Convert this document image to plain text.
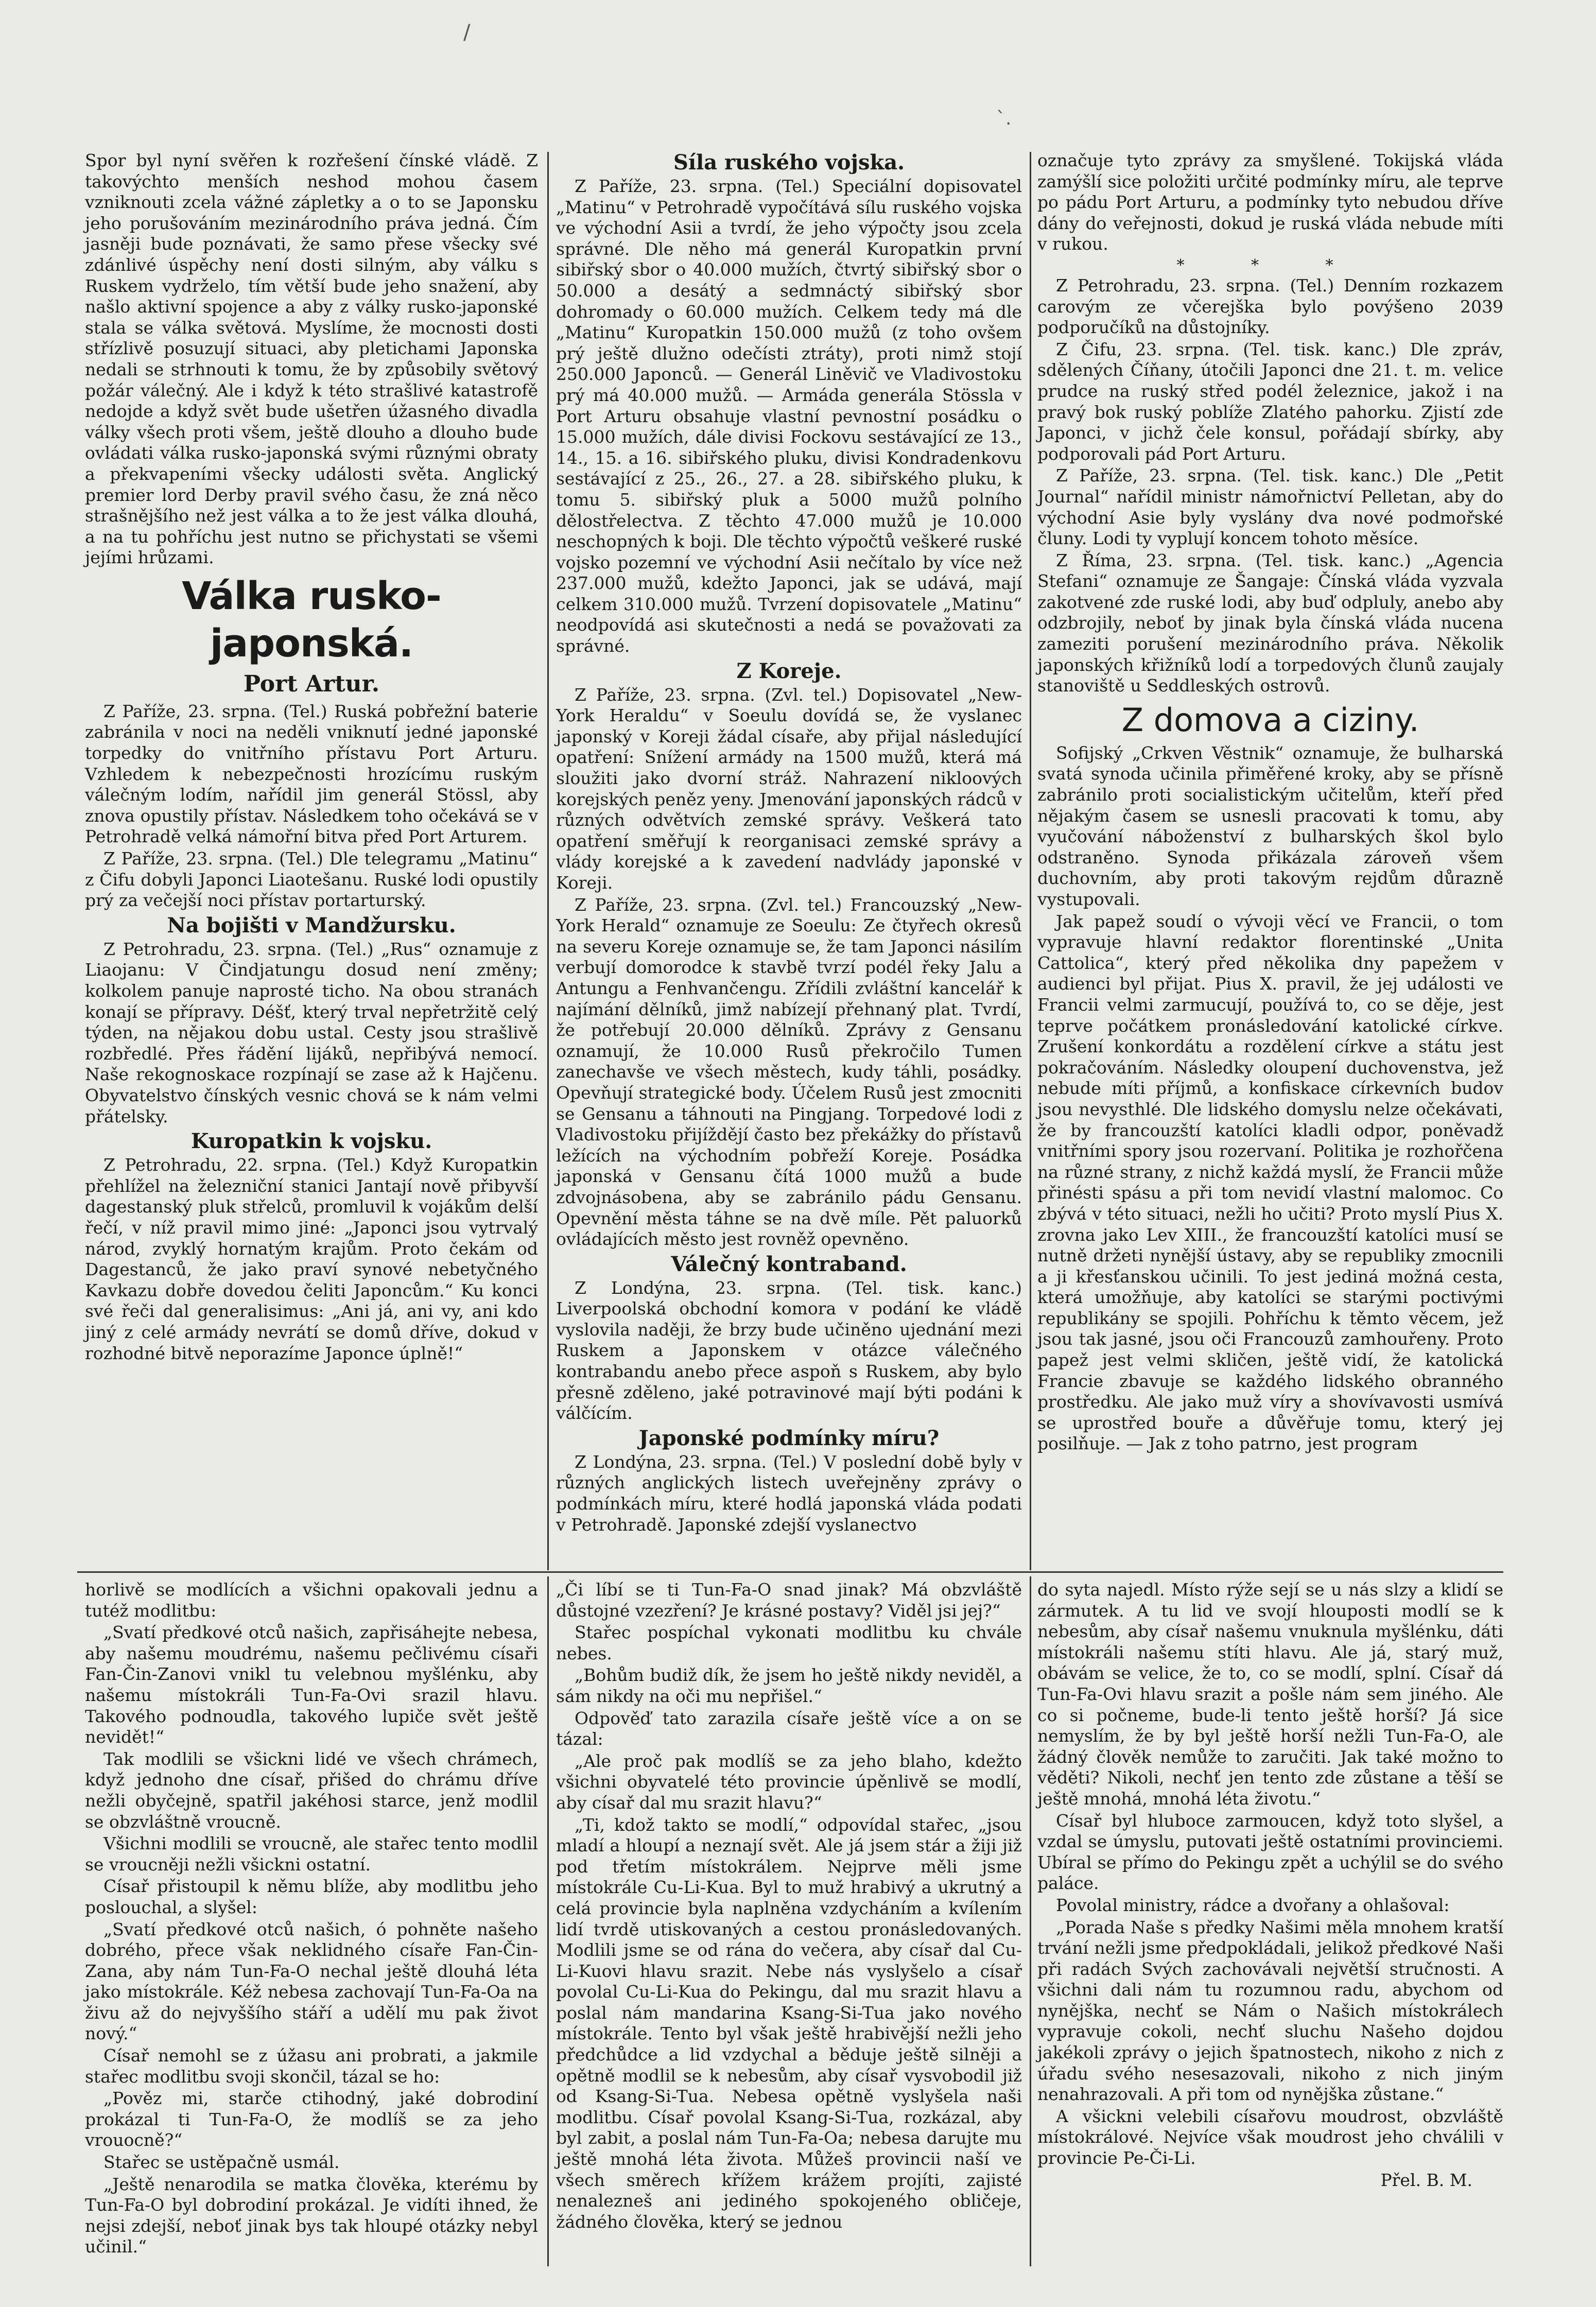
/
`.

Spor byl nyní svěřen k rozřešení čínské vládě. Z takovýchto menších neshod mohou časem vzniknouti zcela vážné zápletky a o to se Japonsku jeho porušováním mezinárodního práva jedná. Čím jasněji bude poznávati, že samo přese všecky své zdánlivé úspěchy není dosti silným, aby válku s Ruskem vydrželo, tím větší bude jeho snažení, aby našlo aktivní spojence a aby z války rusko-japonské stala se válka světová. Myslíme, že mocnosti dosti střízlivě posuzují situaci, aby pletichami Japonska nedali se strhnouti k tomu, že by způsobily světový požár válečný. Ale i když k této strašlivé katastrofě nedojde a když svět bude ušetřen úžasného divadla války všech proti všem, ještě dlouho a dlouho bude ovládati válka rusko-japonská svými různými obraty a překvapeními všecky události světa. Anglický premier lord Derby pravil svého času, že zná něco strašnějšího než jest válka a to že jest válka dlouhá, a na tu pohříchu jest nutno se přichystati se všemi jejími hrůzami.

Válka rusko-japonská.
Port Artur.

Z Paříže, 23. srpna. (Tel.) Ruská pobřežní baterie zabránila v noci na neděli vniknutí jedné japonské torpedky do vnitřního přístavu Port Arturu. Vzhledem k nebezpečnosti hrozícímu ruským válečným lodím, nařídil jim generál Stössl, aby znova opustily přístav. Následkem toho očekává se v Petrohradě velká námořní bitva před Port Arturem.

Z Paříže, 23. srpna. (Tel.) Dle telegramu „Matinu“ z Čifu dobyli Japonci Liaotešanu. Ruské lodi opustily prý za večejší noci přístav portarturský.

Na bojišti v Mandžursku.

Z Petrohradu, 23. srpna. (Tel.) „Rus“ oznamuje z Liaojanu: V Čindjatungu dosud není změny; kolkolem panuje naprosté ticho. Na obou stranách konají se přípravy. Déšť, který trval nepřetržitě celý týden, na nějakou dobu ustal. Cesty jsou strašlivě rozbředlé. Přes řádění lijáků, nepřibývá nemocí. Naše rekognoskace rozpínají se zase až k Hajčenu. Obyvatelstvo čínských vesnic chová se k nám velmi přátelsky.

Kuropatkin k vojsku.

Z Petrohradu, 22. srpna. (Tel.) Když Kuropatkin přehlížel na železniční stanici Jantají nově přibyvší dagestanský pluk střelců, promluvil k vojákům delší řečí, v níž pravil mimo jiné: „Japonci jsou vytrvalý národ, zvyklý hornatým krajům. Proto čekám od Dagestanců, že jako praví synové nebetyčného Kavkazu dobře dovedou čeliti Japoncům.“ Ku konci své řeči dal generalisimus: „Ani já, ani vy, ani kdo jiný z celé armády nevrátí se domů dříve, dokud v rozhodné bitvě neporazíme Japonce úplně!“

Síla ruského vojska.

Z Paříže, 23. srpna. (Tel.) Speciální dopisovatel „Matinu“ v Petrohradě vypočítává sílu ruského vojska ve východní Asii a tvrdí, že jeho výpočty jsou zcela správné. Dle něho má generál Kuropatkin první sibiřský sbor o 40.000 mužích, čtvrtý sibiřský sbor o 50.000 a desátý a sedmnáctý sibiřský sbor dohromady o 60.000 mužích. Celkem tedy má dle „Matinu“ Kuropatkin 150.000 mužů (z toho ovšem prý ještě dlužno odečísti ztráty), proti nimž stojí 250.000 Japonců. — Generál Liněvič ve Vladivostoku prý má 40.000 mužů. — Armáda generála Stössla v Port Arturu obsahuje vlastní pevnostní posádku o 15.000 mužích, dále divisi Fockovu sestávající ze 13., 14., 15. a 16. sibiřského pluku, divisi Kondradenkovu sestávající z 25., 26., 27. a 28. sibiřského pluku, k tomu 5. sibiřský pluk a 5000 mužů polního dělostřelectva. Z těchto 47.000 mužů je 10.000 neschopných k boji. Dle těchto výpočtů veškeré ruské vojsko pozemní ve východní Asii nečítalo by více než 237.000 mužů, kdežto Japonci, jak se udává, mají celkem 310.000 mužů. Tvrzení dopisovatele „Matinu“ neodpovídá asi skutečnosti a nedá se považovati za správné.

Z Koreje.

Z Paříže, 23. srpna. (Zvl. tel.) Dopisovatel „New-York Heraldu“ v Soeulu dovídá se, že vyslanec japonský v Koreji žádal císaře, aby přijal následující opatření: Snížení armády na 1500 mužů, která má sloužiti jako dvorní stráž. Nahrazení nikloových korejských peněz yeny. Jmenování japonských rádců v různých odvětvích zemské správy. Veškerá tato opatření směřují k reorganisaci zemské správy a vlády korejské a k zavedení nadvlády japonské v Koreji.

Z Paříže, 23. srpna. (Zvl. tel.) Francouzský „New-York Herald“ oznamuje ze Soeulu: Ze čtyřech okresů na severu Koreje oznamuje se, že tam Japonci násilím verbují domorodce k stavbě tvrzí podél řeky Jalu a Antungu a Fenhvančengu. Zřídili zvláštní kancelář k najímání dělníků, jimž nabízejí přehnaný plat. Tvrdí, že potřebují 20.000 dělníků. Zprávy z Gensanu oznamují, že 10.000 Rusů překročilo Tumen zanechavše ve všech městech, kudy táhli, posádky. Opevňují strategické body. Účelem Rusů jest zmocniti se Gensanu a táhnouti na Pingjang. Torpedové lodi z Vladivostoku přijíždějí často bez překážky do přístavů ležících na východním pobřeží Koreje. Posádka japonská v Gensanu čítá 1000 mužů a bude zdvojnásobena, aby se zabránilo pádu Gensanu. Opevnění města táhne se na dvě míle. Pět paluorků ovládajících město jest rovněž opevněno.

Válečný kontraband.

Z Londýna, 23. srpna. (Tel. tisk. kanc.) Liverpoolská obchodní komora v podání ke vládě vyslovila naději, že brzy bude učiněno ujednání mezi Ruskem a Japonskem v otázce válečného kontrabandu anebo přece aspoň s Ruskem, aby bylo přesně zděleno, jaké potravinové mají býti podáni k válčícím.

Japonské podmínky míru?

Z Londýna, 23. srpna. (Tel.) V poslední době byly v různých anglických listech uveřejněny zprávy o podmínkách míru, které hodlá japonská vláda podati v Petrohradě. Japonské zdejší vyslanectvo

označuje tyto zprávy za smyšlené. Tokijská vláda zamýšlí sice položiti určité podmínky míru, ale teprve po pádu Port Arturu, a podmínky tyto nebudou dříve dány do veřejnosti, dokud je ruská vláda nebude míti v rukou.

* * *

Z Petrohradu, 23. srpna. (Tel.) Denním rozkazem carovým ze včerejška bylo povýšeno 2039 podporučíků na důstojníky.

Z Čifu, 23. srpna. (Tel. tisk. kanc.) Dle zpráv, sdělených Číňany, útočili Japonci dne 21. t. m. velice prudce na ruský střed podél železnice, jakož i na pravý bok ruský poblíže Zlatého pahorku. Zjistí zde Japonci, v jichž čele konsul, pořádají sbírky, aby podporovali pád Port Arturu.

Z Paříže, 23. srpna. (Tel. tisk. kanc.) Dle „Petit Journal“ nařídil ministr námořnictví Pelletan, aby do východní Asie byly vyslány dva nové podmořské čluny. Lodi ty vyplují koncem tohoto měsíce.

Z Říma, 23. srpna. (Tel. tisk. kanc.) „Agencia Stefani“ oznamuje ze Šangaje: Čínská vláda vyzvala zakotvené zde ruské lodi, aby buď odpluly, anebo aby odzbrojily, neboť by jinak byla čínská vláda nucena zameziti porušení mezinárodního práva. Několik japonských křižníků lodí a torpedových člunů zaujaly stanoviště u Seddleských ostrovů.

Z domova a ciziny.

Sofijský „Crkven Věstnik“ oznamuje, že bulharská svatá synoda učinila přiměřené kroky, aby se přísně zabránilo proti socialistickým učitelům, kteří před nějakým časem se usnesli pracovati k tomu, aby vyučování náboženství z bulharských škol bylo odstraněno. Synoda přikázala zároveň všem duchovním, aby proti takovým rejdům důrazně vystupovali.

Jak papež soudí o vývoji věcí ve Francii, o tom vypravuje hlavní redaktor florentinské „Unita Cattolica“, který před několika dny papežem v audienci byl přijat. Pius X. pravil, že jej události ve Francii velmi zarmucují, používá to, co se děje, jest teprve počátkem pronásledování katolické církve. Zrušení konkordátu a rozdělení církve a státu jest pokračováním. Následky oloupení duchovenstva, jež nebude míti příjmů, a konfiskace církevních budov jsou nevysthlé. Dle lidského domyslu nelze očekávati, že by francouzští katolíci kladli odpor, poněvadž vnitřními spory jsou rozervaní. Politika je rozhořčena na různé strany, z nichž každá myslí, že Francii může přinésti spásu a při tom nevidí vlastní malomoc. Co zbývá v této situaci, nežli ho učiti? Proto myslí Pius X. zrovna jako Lev XIII., že francouzští katolíci musí se nutně držeti nynější ústavy, aby se republiky zmocnili a ji křesťanskou učinili. To jest jediná možná cesta, která umožňuje, aby katolíci se starými poctivými republikány se spojili. Pohříchu k těmto věcem, jež jsou tak jasné, jsou oči Francouzů zamhouřeny. Proto papež jest velmi skličen, ještě vidí, že katolická Francie zbavuje se každého lidského obranného prostředku. Ale jako muž víry a shovívavosti usmívá se uprostřed bouře a důvěřuje tomu, který jej posilňuje. — Jak z toho patrno, jest program

horlivě se modlících a všichni opakovali jednu a tutéž modlitbu:

„Svatí předkové otců našich, zapřisáhejte nebesa, aby našemu moudrému, našemu pečlivému císaři Fan-Čin-Zanovi vnikl tu velebnou myšlénku, aby našemu místokráli Tun-Fa-Ovi srazil hlavu. Takového podnoudla, takového lupiče svět ještě nevidět!“

Tak modlili se všickni lidé ve všech chrámech, když jednoho dne císař, přišed do chrámu dříve nežli obyčejně, spatřil jakéhosi starce, jenž modlil se obzvláštně vroucně.

Všichni modlili se vroucně, ale stařec tento modlil se vroucněji nežli všickni ostatní.

Císař přistoupil k němu blíže, aby modlitbu jeho poslouchal, a slyšel:

„Svatí předkové otců našich, ó pohněte našeho dobrého, přece však neklidného císaře Fan-Čin-Zana, aby nám Tun-Fa-O nechal ještě dlouhá léta jako místokrále. Kéž nebesa zachovají Tun-Fa-Oa na živu až do nejvyššího stáří a udělí mu pak život nový.“

Císař nemohl se z úžasu ani probrati, a jakmile stařec modlitbu svoji skončil, tázal se ho:

„Pověz mi, starče ctihodný, jaké dobrodiní prokázal ti Tun-Fa-O, že modlíš se za jeho vrouocně?“

Stařec se ustěpačně usmál.

„Ještě nenarodila se matka člověka, kterému by Tun-Fa-O byl dobrodiní prokázal. Je vidíti ihned, že nejsi zdejší, neboť jinak bys tak hloupé otázky nebyl učinil.“

„Či líbí se ti Tun-Fa-O snad jinak? Má obzvláště důstojné vzezření? Je krásné postavy? Viděl jsi jej?“

Stařec pospíchal vykonati modlitbu ku chvále nebes.

„Bohům budiž dík, že jsem ho ještě nikdy neviděl, a sám nikdy na oči mu nepřišel.“

Odpověď tato zarazila císaře ještě více a on se tázal:

„Ale proč pak modlíš se za jeho blaho, kdežto všichni obyvatelé této provincie úpěnlivě se modlí, aby císař dal mu srazit hlavu?“

„Ti, kdož takto se modlí,“ odpovídal stařec, „jsou mladí a hloupí a neznají svět. Ale já jsem stár a žiji již pod třetím místokrálem. Nejprve měli jsme místokrále Cu-Li-Kua. Byl to muž hrabivý a ukrutný a celá provincie byla naplněna vzdycháním a kvílením lidí tvrdě utiskovaných a cestou pronásledovaných. Modlili jsme se od rána do večera, aby císař dal Cu-Li-Kuovi hlavu srazit. Nebe nás vyslyšelo a císař povolal Cu-Li-Kua do Pekingu, dal mu srazit hlavu a poslal nám mandarina Ksang-Si-Tua jako nového místokrále. Tento byl však ještě hrabivější nežli jeho předchůdce a lid vzdychal a běduje ještě silněji a opětně modlil se k nebesům, aby císař vysvobodil již od Ksang-Si-Tua. Nebesa opětně vyslyšela naši modlitbu. Císař povolal Ksang-Si-Tua, rozkázal, aby byl zabit, a poslal nám Tun-Fa-Oa; nebesa darujte mu ještě mnohá léta života. Můžeš provincii naší ve všech směrech křížem krážem projíti, zajisté nenalezneš ani jediného spokojeného obličeje, žádného člověka, který se jednou

do syta najedl. Místo rýže sejí se u nás slzy a klidí se zármutek. A tu lid ve svojí hlouposti modlí se k nebesům, aby císař našemu vnuknula myšlénku, dáti místokráli našemu stíti hlavu. Ale já, starý muž, obávám se velice, že to, co se modlí, splní. Císař dá Tun-Fa-Ovi hlavu srazit a pošle nám sem jiného. Ale co si počneme, bude-li tento ještě horší? Já sice nemyslím, že by byl ještě horší nežli Tun-Fa-O, ale žádný člověk nemůže to zaručiti. Jak také možno to věděti? Nikoli, nechť jen tento zde zůstane a těší se ještě mnohá, mnohá léta životu.“

Císař byl hluboce zarmoucen, když toto slyšel, a vzdal se úmyslu, putovati ještě ostatními provinciemi. Ubíral se přímo do Pekingu zpět a uchýlil se do svého paláce.

Povolal ministry, rádce a dvořany a ohlašoval:

„Porada Naše s předky Našimi měla mnohem kratší trvání nežli jsme předpokládali, jelikož předkové Naši při radách Svých zachovávali největší stručnosti. A všichni dali nám tu rozumnou radu, abychom od nynějška, nechť se Nám o Našich místokrálech vypravuje cokoli, nechť sluchu Našeho dojdou jakékoli zprávy o jejich špatnostech, nikoho z nich z úřadu svého nesesazovali, nikoho z nich jiným nenahrazovali. A při tom od nynějška zůstane.“

A všickni velebili císařovu moudrost, obzvláště místokrálové. Nejvíce však moudrost jeho chválili v provincie Pe-Či-Li.

Přel. B. M.
